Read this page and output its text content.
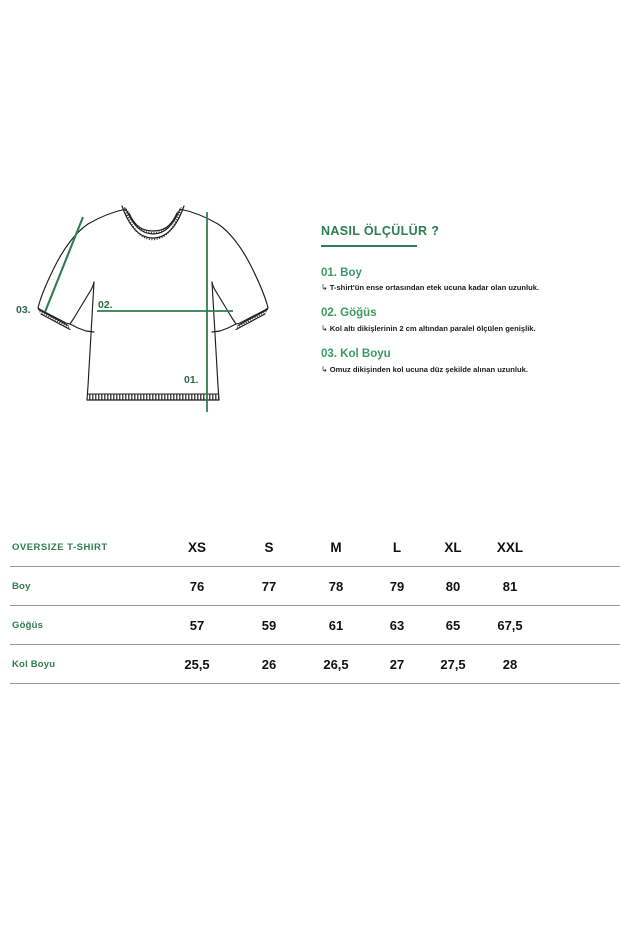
01.
02.
03.
NASIL ÖLÇÜLÜR ?
01. Boy
↳ T-shirt'ün ense ortasından etek ucuna kadar olan uzunluk.
02. Göğüs
↳ Kol altı dikişlerinin 2 cm altından paralel ölçülen genişlik.
03. Kol Boyu
↳ Omuz dikişinden kol ucuna düz şekilde alınan uzunluk.
OVERSIZE T-SHIRT	XS	S	M	L	XL	XXL	
Boy	76	77	78	79	80	81	
Göğüs	57	59	61	63	65	67,5	
Kol Boyu	25,5	26	26,5	27	27,5	28	
